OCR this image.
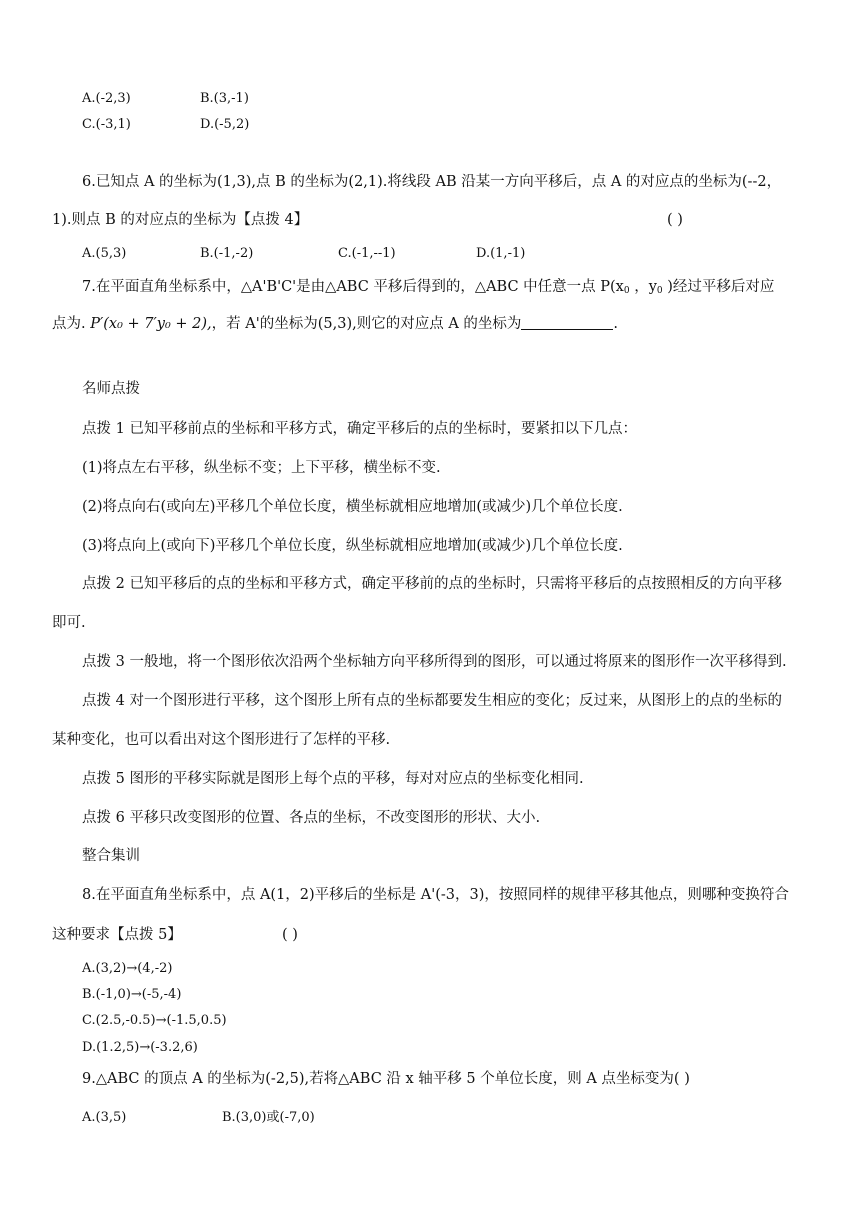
A.(-2,3)	B.(3,-1)
C.(-3,1)	D.(-5,2)
6.已知点 A 的坐标为(1,3),点 B 的坐标为(2,1).将线段 AB 沿某一方向平移后，点 A 的对应点的坐标为(--2，
1).则点 B 的对应点的坐标为【点拨 4】	( )
A.(5,3)	B.(-1,-2)	C.(-1,--1)	D.(1,-1)
7.在平面直角坐标系中，△A'B'C'是由△ABC 平移后得到的，△ABC 中任意一点 $P(x_0$ ，$y_0$ )经过平移后对应
点为. P′(x₀ + 7′y₀ + 2),，若 A'的坐标为(5,3),则它的对应点 A 的坐标为	.
名师点拨
点拨 1 已知平移前点的坐标和平移方式，确定平移后的点的坐标时，要紧扣以下几点：
(1)将点左右平移，纵坐标不变；上下平移，横坐标不变.
(2)将点向右(或向左)平移几个单位长度，横坐标就相应地增加(或减少)几个单位长度.
(3)将点向上(或向下)平移几个单位长度，纵坐标就相应地增加(或减少)几个单位长度.
点拨 2 已知平移后的点的坐标和平移方式，确定平移前的点的坐标时，只需将平移后的点按照相反的方向平移
即可.
点拨 3 一般地，将一个图形依次沿两个坐标轴方向平移所得到的图形，可以通过将原来的图形作一次平移得到.
点拨 4 对一个图形进行平移，这个图形上所有点的坐标都要发生相应的变化；反过来，从图形上的点的坐标的
某种变化，也可以看出对这个图形进行了怎样的平移.
点拨 5 图形的平移实际就是图形上每个点的平移，每对对应点的坐标变化相同.
点拨 6 平移只改变图形的位置、各点的坐标，不改变图形的形状、大小.
整合集训
8.在平面直角坐标系中，点 A(1，2)平移后的坐标是 A'(-3，3)，按照同样的规律平移其他点，则哪种变换符合
这种要求【点拨 5】	( )
A.(3,2)→(4,-2)
B.(-1,0)→(-5,-4)
C.(2.5,-0.5)→(-1.5,0.5)
D.(1.2,5)→(-3.2,6)
9.△ABC 的顶点 A 的坐标为(-2,5),若将△ABC 沿 x 轴平移 5 个单位长度，则 A 点坐标变为( )
A.(3,5)	B.(3,0)或(-7,0)
